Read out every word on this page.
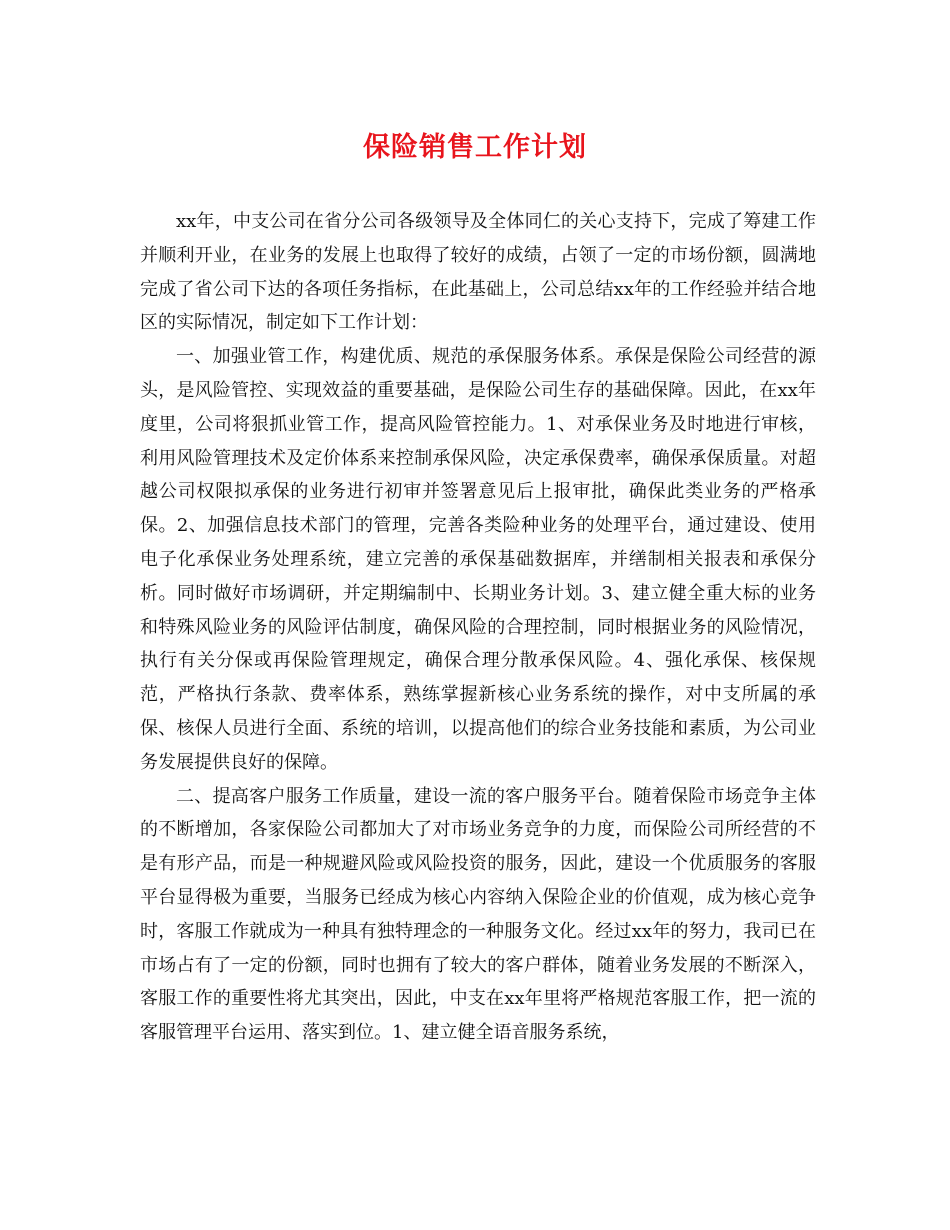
保险销售工作计划

xx年，中支公司在省分公司各级领导及全体同仁的关心支持下，完成了筹建工作并顺利开业，在业务的发展上也取得了较好的成绩，占领了一定的市场份额，圆满地完成了省公司下达的各项任务指标，在此基础上，公司总结xx年的工作经验并结合地区的实际情况，制定如下工作计划：

一、加强业管工作，构建优质、规范的承保服务体系。承保是保险公司经营的源头，是风险管控、实现效益的重要基础，是保险公司生存的基础保障。因此，在xx年度里，公司将狠抓业管工作，提高风险管控能力。1、对承保业务及时地进行审核，利用风险管理技术及定价体系来控制承保风险，决定承保费率，确保承保质量。对超越公司权限拟承保的业务进行初审并签署意见后上报审批，确保此类业务的严格承保。2、加强信息技术部门的管理，完善各类险种业务的处理平台，通过建设、使用电子化承保业务处理系统，建立完善的承保基础数据库，并缮制相关报表和承保分析。同时做好市场调研，并定期编制中、长期业务计划。3、建立健全重大标的业务和特殊风险业务的风险评估制度，确保风险的合理控制，同时根据业务的风险情况，执行有关分保或再保险管理规定，确保合理分散承保风险。4、强化承保、核保规范，严格执行条款、费率体系，熟练掌握新核心业务系统的操作，对中支所属的承保、核保人员进行全面、系统的培训，以提高他们的综合业务技能和素质，为公司业务发展提供良好的保障。

二、提高客户服务工作质量，建设一流的客户服务平台。随着保险市场竞争主体的不断增加，各家保险公司都加大了对市场业务竞争的力度，而保险公司所经营的不是有形产品，而是一种规避风险或风险投资的服务，因此，建设一个优质服务的客服平台显得极为重要，当服务已经成为核心内容纳入保险企业的价值观，成为核心竞争时，客服工作就成为一种具有独特理念的一种服务文化。经过xx年的努力，我司已在市场占有了一定的份额，同时也拥有了较大的客户群体，随着业务发展的不断深入，客服工作的重要性将尤其突出，因此，中支在xx年里将严格规范客服工作，把一流的客服管理平台运用、落实到位。1、建立健全语音服务系统，
